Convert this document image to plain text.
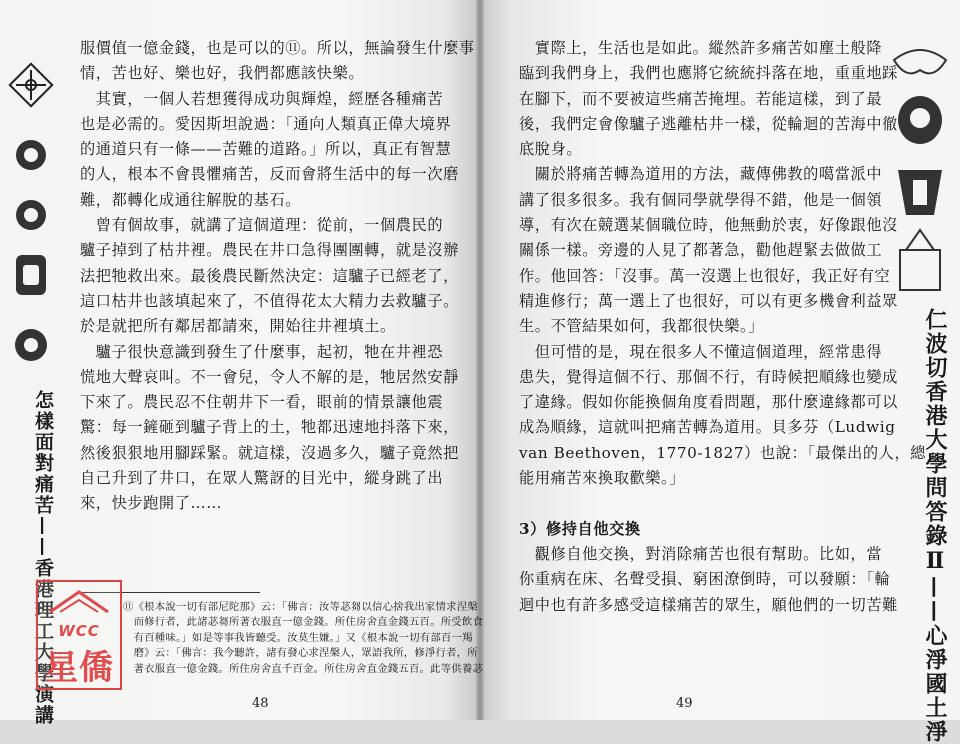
怎樣面對痛苦——香港理工大學演講	仁波切香港大學問答錄Ⅱ——心淨國土淨
服價值一億金錢，也是可以的⑪。所以，無論發生什麼事
情，苦也好、樂也好，我們都應該快樂。
　其實，一個人若想獲得成功與輝煌，經歷各種痛苦
也是必需的。愛因斯坦說過：「通向人類真正偉大境界
的通道只有一條——苦難的道路。」所以，真正有智慧
的人，根本不會畏懼痛苦，反而會將生活中的每一次磨
難，都轉化成通往解脫的基石。
　曾有個故事，就講了這個道理：從前，一個農民的
驢子掉到了枯井裡。農民在井口急得團團轉，就是沒辦
法把牠救出來。最後農民斷然決定：這驢子已經老了，
這口枯井也該填起來了，不值得花太大精力去救驢子。
於是就把所有鄰居都請來，開始往井裡填土。
　驢子很快意識到發生了什麼事，起初，牠在井裡恐
慌地大聲哀叫。不一會兒，令人不解的是，牠居然安靜
下來了。農民忍不住朝井下一看，眼前的情景讓他震
驚：每一鏟砸到驢子背上的土，牠都迅速地抖落下來，
然後狠狠地用腳踩緊。就這樣，沒過多久，驢子竟然把
自己升到了井口，在眾人驚訝的目光中，縱身跳了出
來，快步跑開了……
⑪《根本說一切有部尼陀那》云：「佛言：汝等苾芻以信心捨我出家情求涅槃
　而修行者，此諸苾芻所著衣服直一億金錢。所住房舍直金錢五百。所受飲食
　有百種味。」如是等事我皆聽受。汝莫生嫌。」又《根本說一切有部百一羯
　磨》云：「佛言：我今聽許，諸有發心求涅槃人，眾語我所，修淨行者，所
　著衣服直一億金錢。所住房舍直千百金。所住房舍直金錢五百。此等供養苾
48
　實際上，生活也是如此。縱然許多痛苦如塵土般降
臨到我們身上，我們也應將它統統抖落在地，重重地踩
在腳下，而不要被這些痛苦掩埋。若能這樣，到了最
後，我們定會像驢子逃離枯井一樣，從輪迴的苦海中徹
底脫身。
　關於將痛苦轉為道用的方法，藏傳佛教的噶當派中
講了很多很多。我有個同學就學得不錯，他是一個領
導，有次在競選某個職位時，他無動於衷，好像跟他沒
關係一樣。旁邊的人見了都著急，勸他趕緊去做做工
作。他回答：「沒事。萬一沒選上也很好，我正好有空
精進修行；萬一選上了也很好，可以有更多機會利益眾
生。不管結果如何，我都很快樂。」
　但可惜的是，現在很多人不懂這個道理，經常患得
患失，覺得這個不行、那個不行，有時候把順緣也變成
了違緣。假如你能換個角度看問題，那什麼違緣都可以
成為順緣，這就叫把痛苦轉為道用。貝多芬（Ludwig
van Beethoven，1770-1827）也說：「最傑出的人，總
能用痛苦來換取歡樂。」
3）修持自他交換
　觀修自他交換，對消除痛苦也很有幫助。比如，當
你重病在床、名聲受損、窮困潦倒時，可以發願：「輪
迴中也有許多感受這樣痛苦的眾生，願他們的一切苦難
49
WCC
星僑
